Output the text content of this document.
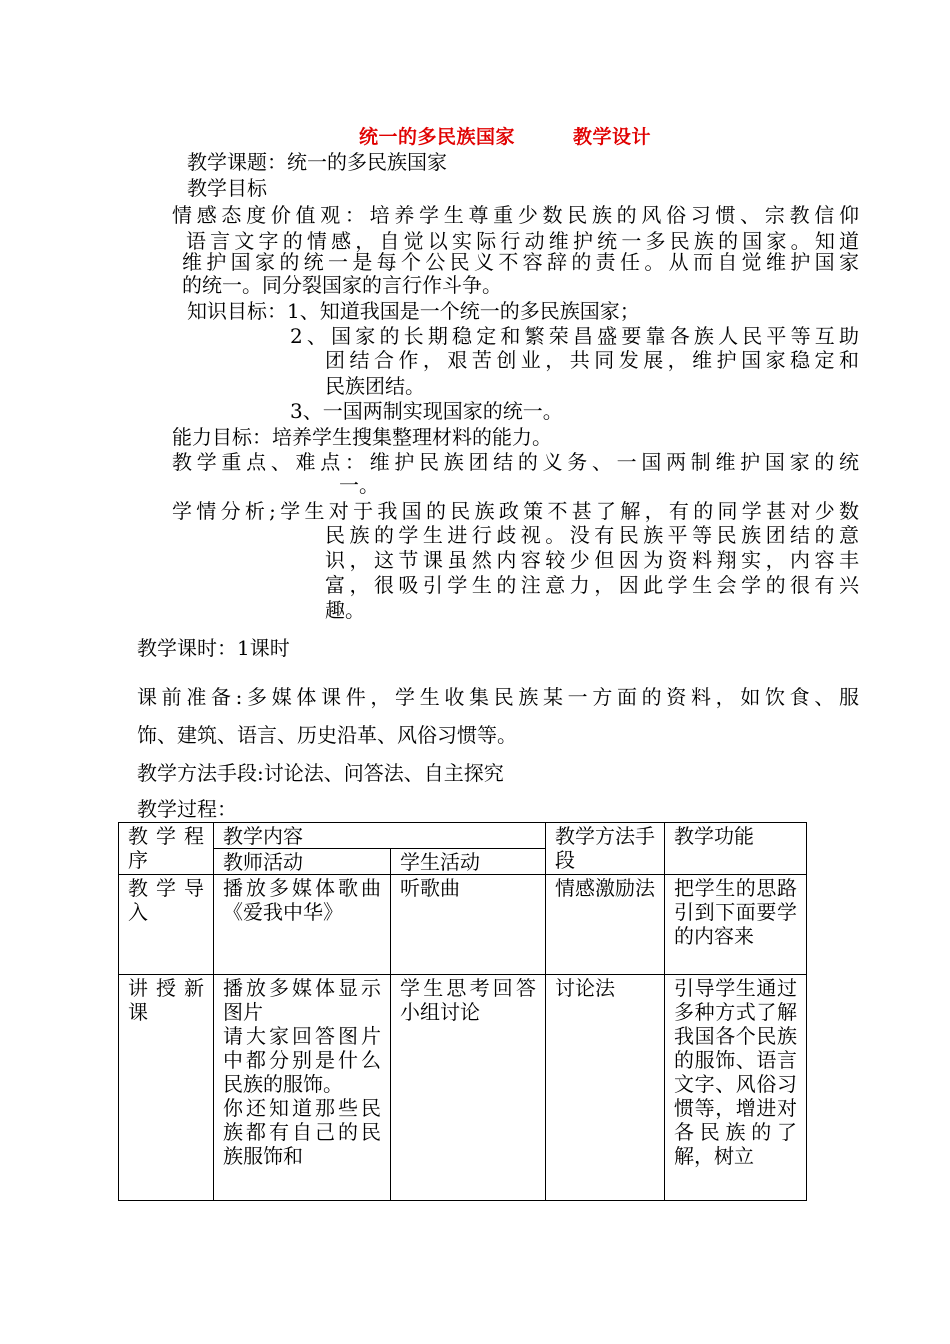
统一的多民族国家	教学设计
教学课题：统一的多民族国家
教学目标
情感态度价值观：培养学生尊重少数民族的风俗习惯、宗教信仰
语言文字的情感，自觉以实际行动维护统一多民族的国家。知道
维护国家的统一是每个公民义不容辞的责任。从而自觉维护国家
的统一。同分裂国家的言行作斗争。
知识目标：1、知道我国是一个统一的多民族国家；
2、国家的长期稳定和繁荣昌盛要靠各族人民平等互助
团结合作，艰苦创业，共同发展，维护国家稳定和
民族团结。
3、一国两制实现国家的统一。
能力目标：培养学生搜集整理材料的能力。
教学重点、难点：维护民族团结的义务、一国两制维护国家的统
一。
学情分析;学生对于我国的民族政策不甚了解，有的同学甚对少数
民族的学生进行歧视。没有民族平等民族团结的意
识，这节课虽然内容较少但因为资料翔实，内容丰
富，很吸引学生的注意力，因此学生会学的很有兴
趣。
教学课时：1课时
课前准备:多媒体课件，学生收集民族某一方面的资料，如饮食、服
饰、建筑、语言、历史沿革、风俗习惯等。
教学方法手段:讨论法、问答法、自主探究
教学过程：
教学程序	教学内容		教学方法手段	教学功能

	教师活动	学生活动		

教学导入	播放多媒体歌曲《爱我中华》	听歌曲	情感激励法	把学生的思路引到下面要学的内容来

讲授新课	播放多媒体显示图片
请大家回答图片中都分别是什么民族的服饰。
你还知道那些民族都有自己的民族服饰和	学生思考回答小组讨论	讨论法	引导学生通过多种方式了解我国各个民族的服饰、语言文字、风俗习惯等，增进对各民族的了解，树立
